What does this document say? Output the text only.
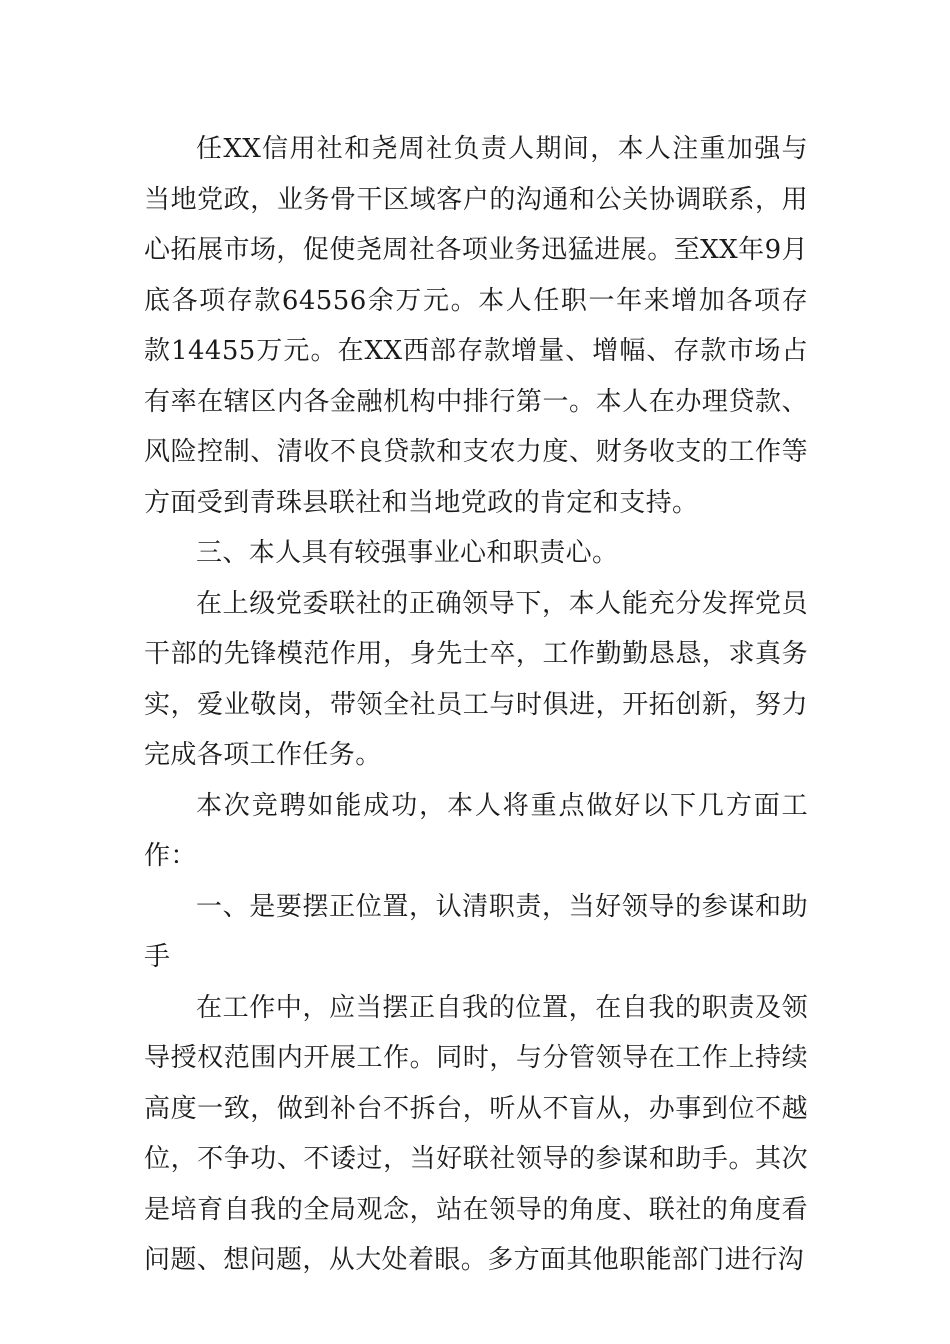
任XX信用社和尧周社负责人期间，本人注重加强与当地党政，业务骨干区域客户的沟通和公关协调联系，用心拓展市场，促使尧周社各项业务迅猛进展。至XX年9月底各项存款64556余万元。本人任职一年来增加各项存款14455万元。在XX西部存款增量、增幅、存款市场占有率在辖区内各金融机构中排行第一。本人在办理贷款、风险控制、清收不良贷款和支农力度、财务收支的工作等方面受到青珠县联社和当地党政的肯定和支持。

三、本人具有较强事业心和职责心。

在上级党委联社的正确领导下，本人能充分发挥党员干部的先锋模范作用，身先士卒，工作勤勤恳恳，求真务实，爱业敬岗，带领全社员工与时俱进，开拓创新，努力完成各项工作任务。

本次竞聘如能成功，本人将重点做好以下几方面工作：

一、是要摆正位置，认清职责，当好领导的参谋和助手

在工作中，应当摆正自我的位置，在自我的职责及领导授权范围内开展工作。同时，与分管领导在工作上持续高度一致，做到补台不拆台，听从不盲从，办事到位不越位，不争功、不诿过，当好联社领导的参谋和助手。其次是培育自我的全局观念，站在领导的角度、联社的角度看问题、想问题，从大处着眼。多方面其他职能部门进行沟
